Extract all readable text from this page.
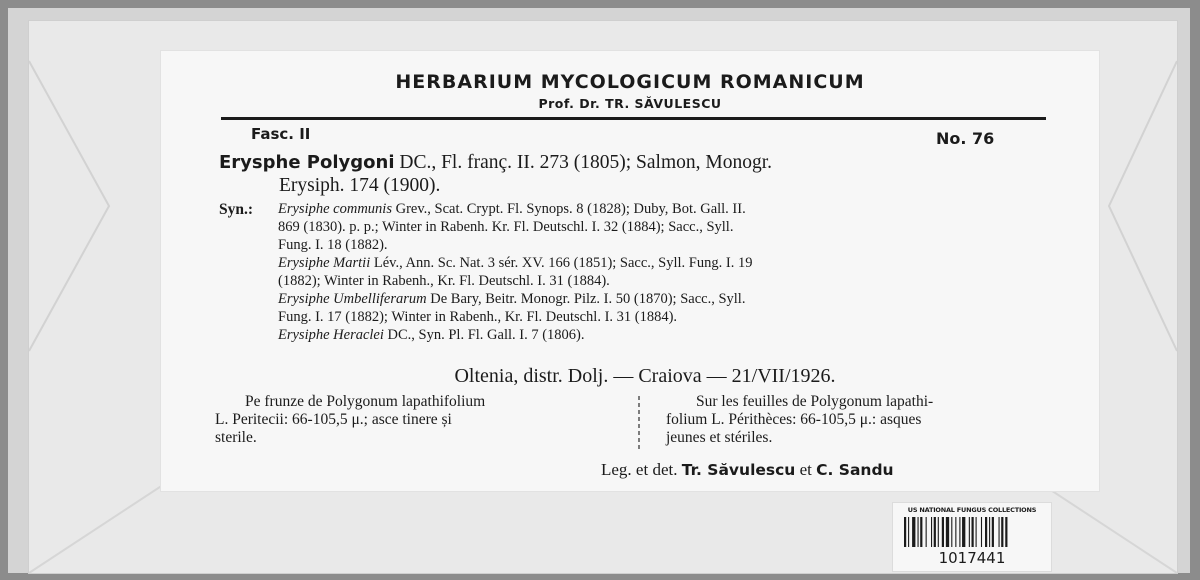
HERBARIUM MYCOLOGICUM ROMANICUM
Prof. Dr. TR. SĂVULESCU
Fasc. II	No. 76
Erysphe Polygoni DC., Fl. franç. II. 273 (1805); Salmon, Monogr.
Erysiph. 174 (1900).
Syn.: Erysiphe communis Grev., Scat. Crypt. Fl. Synops. 8 (1828); Duby, Bot. Gall. II.
869 (1830). p. p.; Winter in Rabenh. Kr. Fl. Deutschl. I. 32 (1884); Sacc., Syll.
Fung. I. 18 (1882).
Erysiphe Martii Lév., Ann. Sc. Nat. 3 sér. XV. 166 (1851); Sacc., Syll. Fung. I. 19
(1882); Winter in Rabenh., Kr. Fl. Deutschl. I. 31 (1884).
Erysiphe Umbelliferarum De Bary, Beitr. Monogr. Pilz. I. 50 (1870); Sacc., Syll.
Fung. I. 17 (1882); Winter in Rabenh., Kr. Fl. Deutschl. I. 31 (1884).
Erysiphe Heraclei DC., Syn. Pl. Fl. Gall. I. 7 (1806).
Oltenia, distr. Dolj. — Craiova — 21/VII/1926.
Pe frunze de Polygonum lapathifolium
L. Peritecii: 66-105,5 μ.; asce tinere și
sterile.
Sur les feuilles de Polygonum lapathi-
folium L. Périthèces: 66-105,5 μ.: asques
jeunes et stériles.
Leg. et det. Tr. Săvulescu et C. Sandu
US NATIONAL FUNGUS COLLECTIONS
1017441
